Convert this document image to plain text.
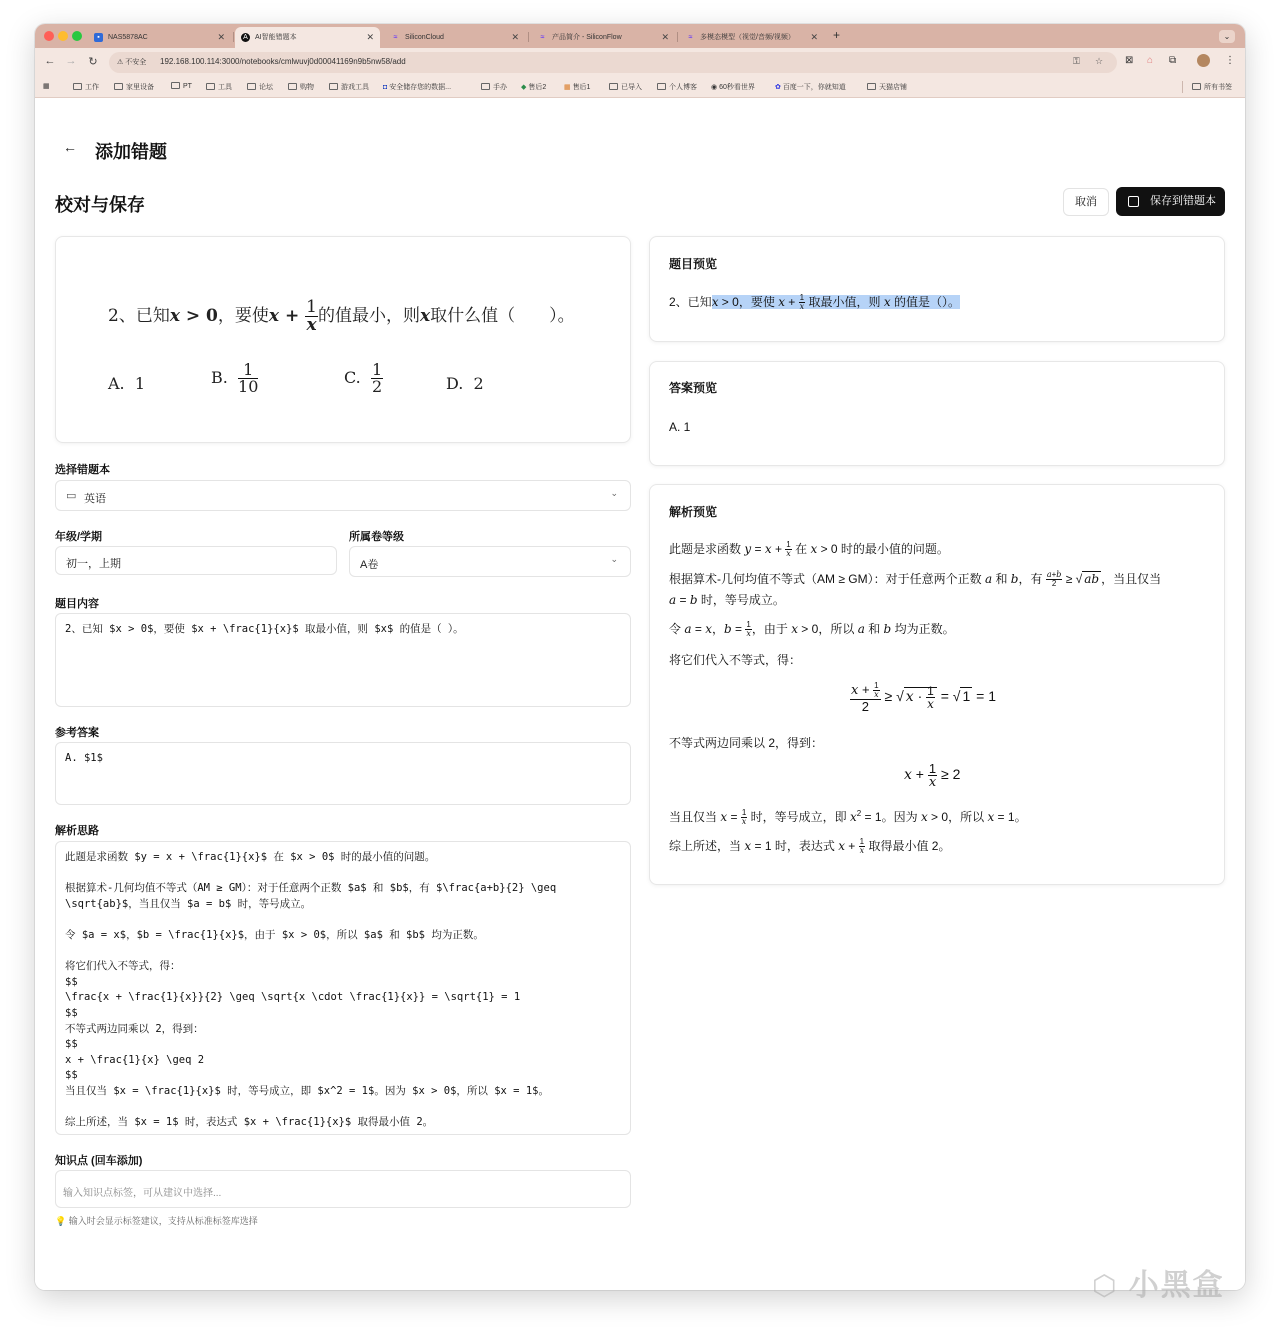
▪	NAS5878AC	✕	A	AI智能错题本	✕	≈	SiliconCloud	✕	≈	产品简介 - SiliconFlow	✕	≈	多模态模型（视觉/音频/视频） ✕ +	⌄
← → ↻	⚠ 不安全 192.168.100.114:3000/notebooks/cmlwuvj0d00041169n9b5nw58/add	⚿ ☆ ⊠ ⌂ ⧉	⋮
▦	工作	家里设备	PT	工具	论坛	购物	游戏工具 ◘ 安全储存您的数据...	手办 ◆ 售后2	▦ 售后1	已导入	个人博客 ◉ 60秒看世界	✿ 百度一下，你就知道	天猫店铺	所有书签
← 添加错题
校对与保存	取消	保存到错题本
2、已知x > 0，要使$x + \frac{1}{x}$ 的值最小，则x取什么值（　　）。
A. 1	B. $\frac{1}{10}$	C. $\frac{1}{2}$	D. 2
选择错题本
▭ 英语	⌄
年级/学期
初一，上期
所属卷等级
A卷	⌄
题目内容
2、已知 $x > 0$，要使 $x + \frac{1}{x}$ 取最小值，则 $x$ 的值是（ ）。
参考答案
A. $1$
解析思路
此题是求函数 $y = x + \frac{1}{x}$ 在 $x > 0$ 时的最小值的问题。

根据算术-几何均值不等式（AM ≥ GM）：对于任意两个正数 $a$ 和 $b$，有 $\frac{a+b}{2} \geq
\sqrt{ab}$，当且仅当 $a = b$ 时，等号成立。

令 $a = x$，$b = \frac{1}{x}$，由于 $x > 0$，所以 $a$ 和 $b$ 均为正数。

将它们代入不等式，得：
$$
\frac{x + \frac{1}{x}}{2} \geq \sqrt{x \cdot \frac{1}{x}} = \sqrt{1} = 1
$$
不等式两边同乘以 2，得到：
$$
x + \frac{1}{x} \geq 2
$$
当且仅当 $x = \frac{1}{x}$ 时，等号成立，即 $x^2 = 1$。因为 $x > 0$，所以 $x = 1$。

综上所述，当 $x = 1$ 时，表达式 $x + \frac{1}{x}$ 取得最小值 2。
知识点 (回车添加)
输入知识点标签，可从建议中选择...
💡 输入时会显示标签建议，支持从标准标签库选择
题目预览
2、已知x > 0，要使 $x + \frac{1}{x}$ 取最小值，则 x 的值是（）。
答案预览
A. 1
解析预览
此题是求函数 $y = x + \frac{1}{x}$ 在 x > 0 时的最小值的问题。
根据算术-几何均值不等式（AM ≥ GM）：对于任意两个正数 a 和 b，有 $\frac{a+b}{2}$ ≥ √ ab ，当且仅当
a = b 时，等号成立。
令 a = x，$b = \frac{1}{x}$ ，由于 x > 0，所以 a 和 b 均为正数。
将它们代入不等式，得：
$\frac{x + \frac{1}{x}}{2}$ ≥ √ $x \cdot \frac{1}{x}$ = √ 1 = 1
不等式两边同乘以 2，得到：
$x + \frac{1}{x} \ge 2$
当且仅当 $x = \frac{1}{x}$ 时，等号成立，即 $x^2 = 1$。因为 x > 0，所以 x = 1。
综上所述，当 x = 1 时，表达式 $x + \frac{1}{x}$ 取得最小值 2。
⬡ 小黑盒
